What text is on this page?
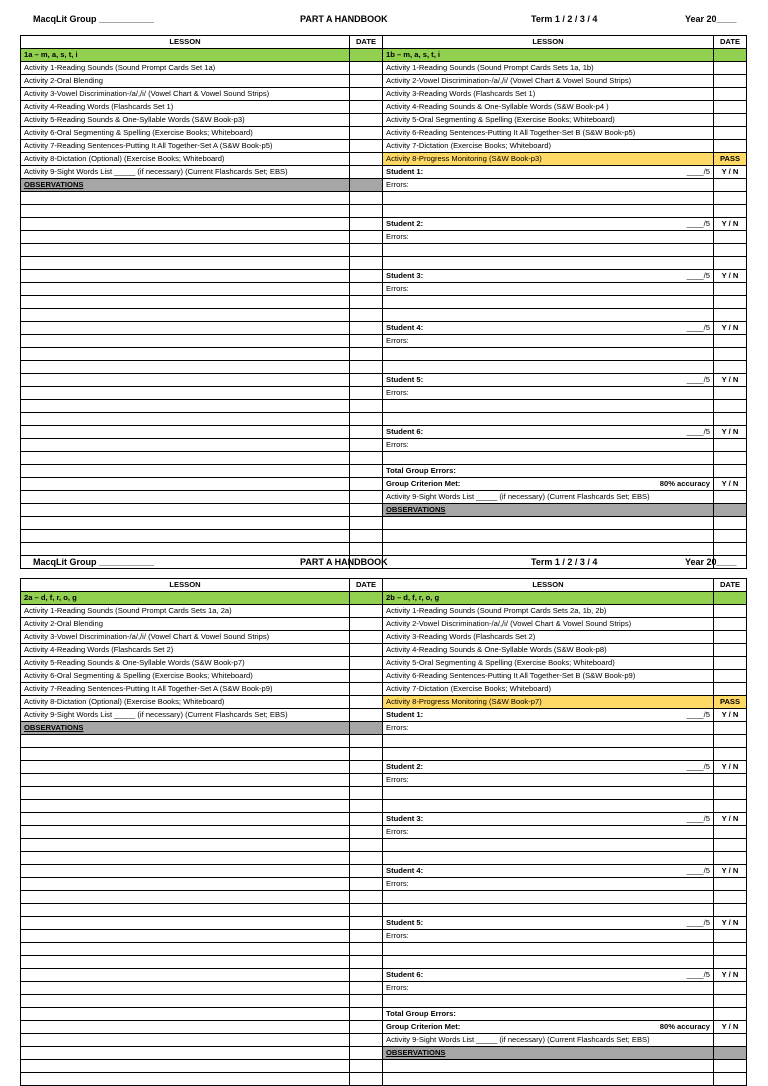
MacqLit Group ___________	PART A HANDBOOK	Term 1 / 2 / 3 / 4	Year 20____
LESSON	DATE	LESSON	DATE
1a – m, a, s, t, i		1b – m, a, s, t, i	
Activity 1-Reading Sounds (Sound Prompt Cards Set 1a)		Activity 1-Reading Sounds (Sound Prompt Cards Sets 1a, 1b)	
Activity 2-Oral Blending		Activity 2-Vowel Discrimination-/a/,/i/ (Vowel Chart & Vowel Sound Strips)	
Activity 3-Vowel Discrimination-/a/,/i/ (Vowel Chart & Vowel Sound Strips)		Activity 3-Reading Words (Flashcards Set 1)	
Activity 4-Reading Words (Flashcards Set 1)		Activity 4-Reading Sounds & One-Syllable Words (S&W Book-p4 )	
Activity 5-Reading Sounds & One-Syllable Words (S&W Book-p3)		Activity 5-Oral Segmenting & Spelling (Exercise Books; Whiteboard)	
Activity 6-Oral Segmenting & Spelling (Exercise Books; Whiteboard)		Activity 6-Reading Sentences-Putting It All Together-Set B (S&W Book-p5)	
Activity 7-Reading Sentences-Putting It All Together-Set A (S&W Book-p5)		Activity 7-Dictation (Exercise Books; Whiteboard)	
Activity 8-Dictation (Optional) (Exercise Books; Whiteboard)		Activity 8-Progress Monitoring (S&W Book-p3)	PASS
Activity 9-Sight Words List _____ (if necessary) (Current Flashcards Set; EBS)		Student 1: ____/5	Y / N
OBSERVATIONS		Errors:	

		Student 2: ____/5	Y / N
		Errors:	

		Student 3: ____/5	Y / N
		Errors:	

		Student 4: ____/5	Y / N
		Errors:	

		Student 5: ____/5	Y / N
		Errors:	

		Student 6: ____/5	Y / N
		Errors:	

		Total Group Errors:	
		Group Criterion Met: 80% accuracy	Y / N
		Activity 9-Sight Words List _____ (if necessary) (Current Flashcards Set; EBS)	
		OBSERVATIONS	

MacqLit Group ___________	PART A HANDBOOK	Term 1 / 2 / 3 / 4	Year 20____
LESSON	DATE	LESSON	DATE
2a – d, f, r, o, g		2b – d, f, r, o, g	
Activity 1-Reading Sounds (Sound Prompt Cards Sets 1a, 2a)		Activity 1-Reading Sounds (Sound Prompt Cards Sets 2a, 1b, 2b)	
Activity 2-Oral Blending		Activity 2-Vowel Discrimination-/a/,/i/ (Vowel Chart & Vowel Sound Strips)	
Activity 3-Vowel Discrimination-/a/,/i/ (Vowel Chart & Vowel Sound Strips)		Activity 3-Reading Words (Flashcards Set 2)	
Activity 4-Reading Words (Flashcards Set 2)		Activity 4-Reading Sounds & One-Syllable Words (S&W Book-p8)	
Activity 5-Reading Sounds & One-Syllable Words (S&W Book-p7)		Activity 5-Oral Segmenting & Spelling (Exercise Books; Whiteboard)	
Activity 6-Oral Segmenting & Spelling (Exercise Books; Whiteboard)		Activity 6-Reading Sentences-Putting It All Together-Set B (S&W Book-p9)	
Activity 7-Reading Sentences-Putting It All Together-Set A (S&W Book-p9)		Activity 7-Dictation (Exercise Books; Whiteboard)	
Activity 8-Dictation (Optional) (Exercise Books; Whiteboard)		Activity 8-Progress Monitoring (S&W Book-p7)	PASS
Activity 9-Sight Words List _____ (if necessary) (Current Flashcards Set; EBS)		Student 1: ____/5	Y / N
OBSERVATIONS		Errors:	

		Student 2: ____/5	Y / N
		Errors:	

		Student 3: ____/5	Y / N
		Errors:	

		Student 4: ____/5	Y / N
		Errors:	

		Student 5: ____/5	Y / N
		Errors:	

		Student 6: ____/5	Y / N
		Errors:	

		Total Group Errors:	
		Group Criterion Met: 80% accuracy	Y / N
		Activity 9-Sight Words List _____ (if necessary) (Current Flashcards Set; EBS)	
		OBSERVATIONS	
